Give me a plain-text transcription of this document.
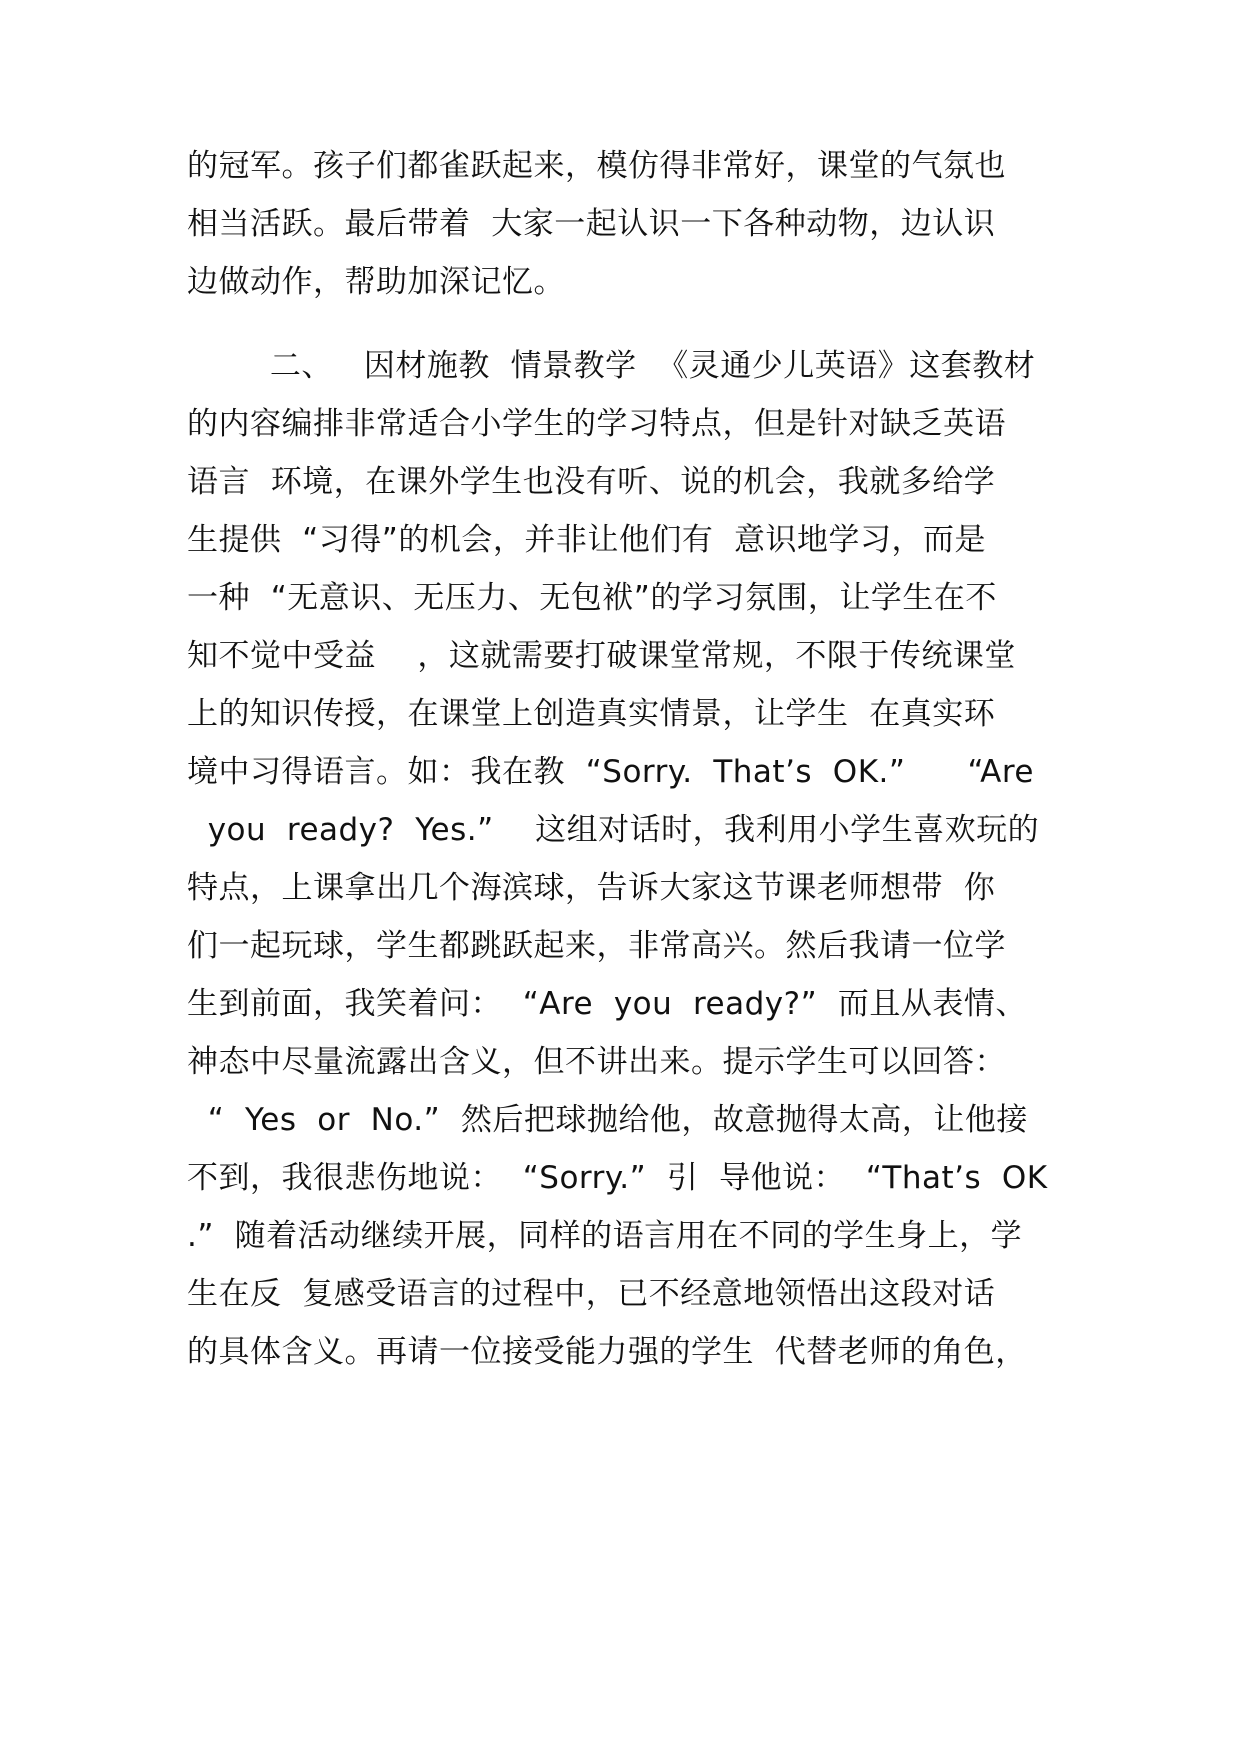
的冠军。孩子们都雀跃起来，模仿得非常好，课堂的气氛也
相当活跃。最后带着  大家一起认识一下各种动物，边认识
边做动作，帮助加深记忆。
二、   因材施教  情景教学  《灵通少儿英语》这套教材
的内容编排非常适合小学生的学习特点，但是针对缺乏英语
语言  环境，在课外学生也没有听、说的机会，我就多给学
生提供  “习得”的机会，并非让他们有  意识地学习，而是
一种  “无意识、无压力、无包袱”的学习氛围，让学生在不
知不觉中受益    ，这就需要打破课堂常规，不限于传统课堂
上的知识传授，在课堂上创造真实情景，让学生  在真实环
境中习得语言。如：我在教  “Sorry.  That’s  OK.”      “Are
you  ready?  Yes.”    这组对话时，我利用小学生喜欢玩的
特点，上课拿出几个海滨球，告诉大家这节课老师想带  你
们一起玩球，学生都跳跃起来，非常高兴。然后我请一位学
生到前面，我笑着问：  “Are  you  ready?”  而且从表情、
神态中尽量流露出含义，但不讲出来。提示学生可以回答：
“  Yes  or  No.”  然后把球抛给他，故意抛得太高，让他接
不到，我很悲伤地说：  “Sorry.”  引  导他说：  “That’s  OK
.”  随着活动继续开展，同样的语言用在不同的学生身上，学
生在反  复感受语言的过程中，已不经意地领悟出这段对话
的具体含义。再请一位接受能力强的学生  代替老师的角色，
